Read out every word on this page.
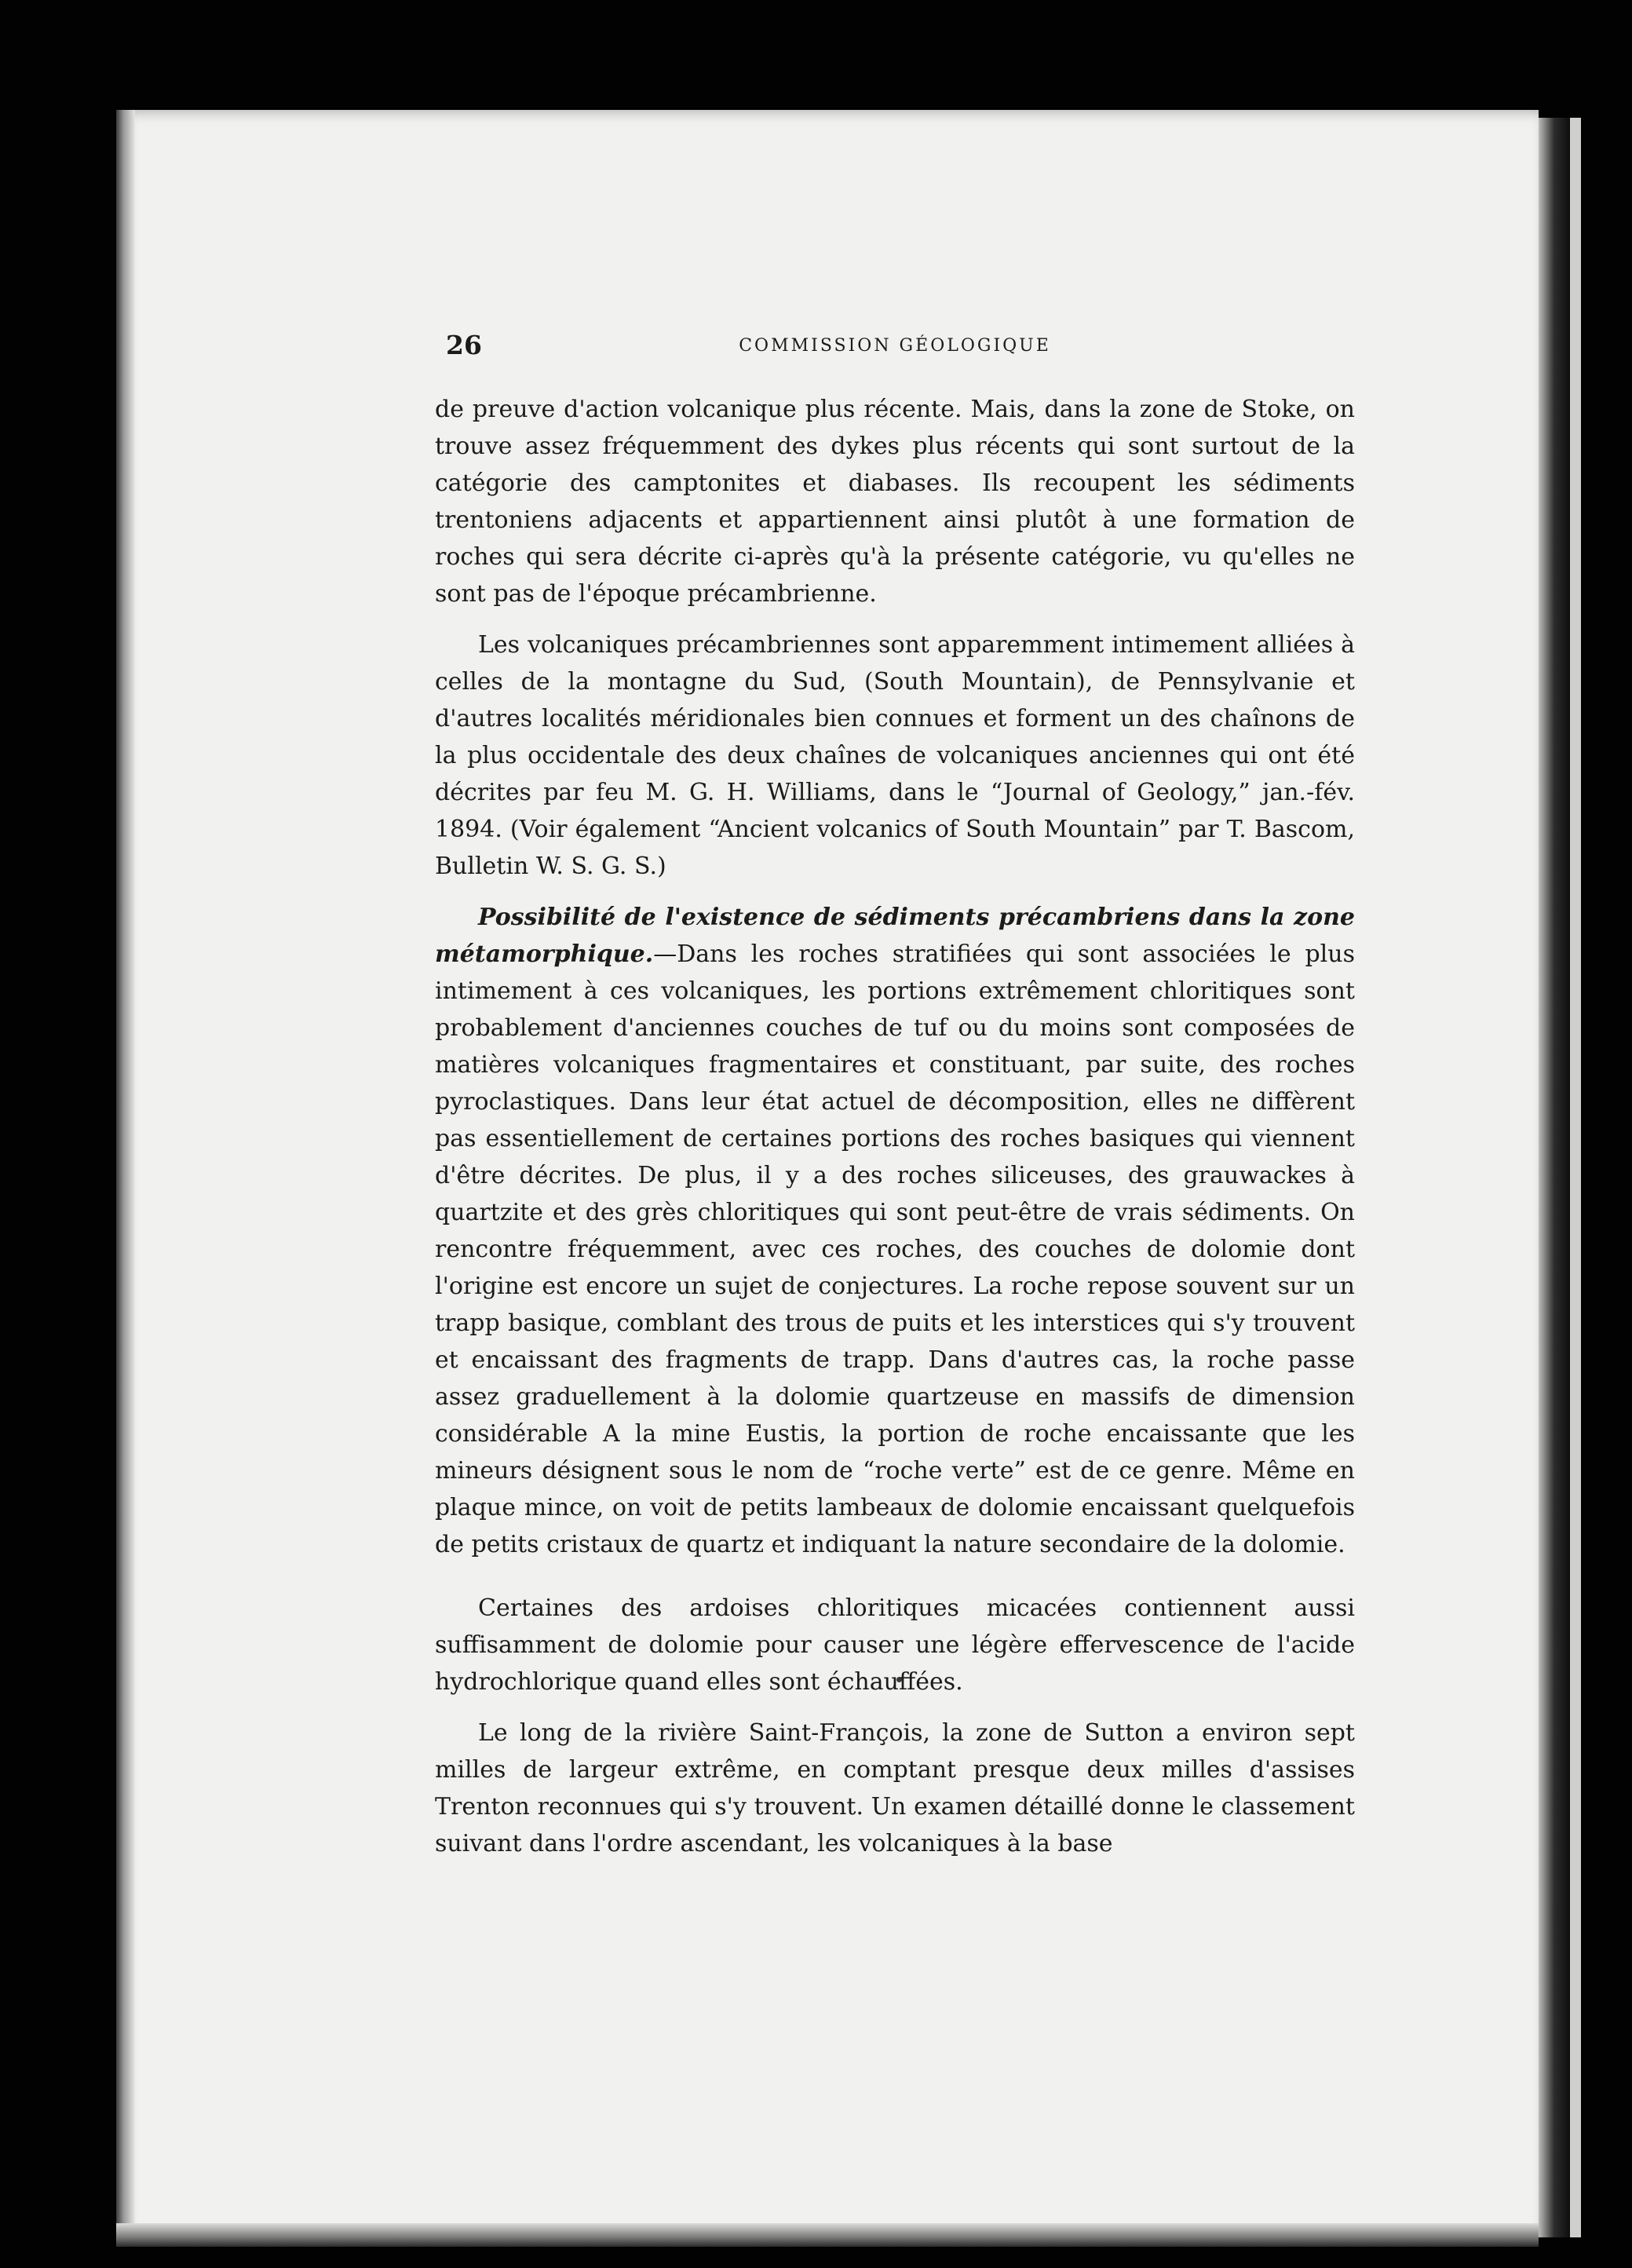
26	COMMISSION GÉOLOGIQUE

de preuve d'action volcanique plus récente. Mais, dans la zone de Stoke, on trouve assez fréquemment des dykes plus récents qui sont surtout de la catégorie des camptonites et diabases. Ils recoupent les sédiments trentoniens adjacents et appartiennent ainsi plutôt à une formation de roches qui sera décrite ci-après qu'à la présente catégorie, vu qu'elles ne sont pas de l'époque précambrienne.

Les volcaniques précambriennes sont apparemment intimement alliées à celles de la montagne du Sud, (South Mountain), de Pennsylvanie et d'autres localités méridionales bien connues et forment un des chaînons de la plus occidentale des deux chaînes de volcaniques anciennes qui ont été décrites par feu M. G. H. Williams, dans le “Journal of Geology,” jan.-fév. 1894. (Voir également “Ancient volcanics of South Mountain” par T. Bascom, Bulletin W. S. G. S.)

Possibilité de l'existence de sédiments précambriens dans la zone métamorphique.—Dans les roches stratifiées qui sont associées le plus intimement à ces volcaniques, les portions extrêmement chloritiques sont probablement d'anciennes couches de tuf ou du moins sont composées de matières volcaniques fragmentaires et constituant, par suite, des roches pyroclastiques. Dans leur état actuel de décomposition, elles ne diffèrent pas essentiellement de certaines portions des roches basiques qui viennent d'être décrites. De plus, il y a des roches siliceuses, des grauwackes à quartzite et des grès chloritiques qui sont peut-être de vrais sédiments. On rencontre fréquemment, avec ces roches, des couches de dolomie dont l'origine est encore un sujet de conjectures. La roche repose souvent sur un trapp basique, comblant des trous de puits et les interstices qui s'y trouvent et encaissant des fragments de trapp. Dans d'autres cas, la roche passe assez graduellement à la dolomie quartzeuse en massifs de dimension considérable A la mine Eustis, la portion de roche encaissante que les mineurs désignent sous le nom de “roche verte” est de ce genre. Même en plaque mince, on voit de petits lambeaux de dolomie encaissant quelquefois de petits cristaux de quartz et indiquant la nature secondaire de la dolomie.

Certaines des ardoises chloritiques micacées contiennent aussi suffisamment de dolomie pour causer une légère effervescence de l'acide hydrochlorique quand elles sont échauffées.

Le long de la rivière Saint-François, la zone de Sutton a environ sept milles de largeur extrême, en comptant presque deux milles d'assises Trenton reconnues qui s'y trouvent. Un examen détaillé donne le classement suivant dans l'ordre ascendant, les volcaniques à la base
